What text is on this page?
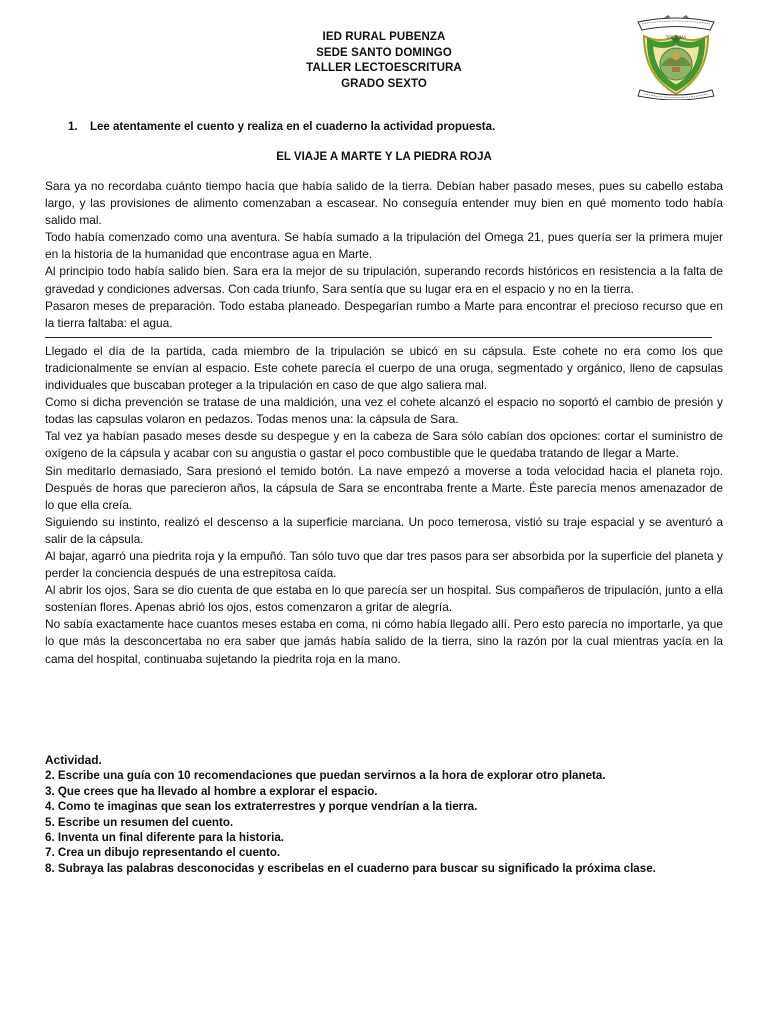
IED RURAL PUBENZA
SEDE SANTO DOMINGO
TALLER LECTOESCRITURA
GRADO SEXTO
TOCAIMA
1. Lee atentamente el cuento y realiza en el cuaderno la actividad propuesta.
EL VIAJE A MARTE Y LA PIEDRA ROJA

Sara ya no recordaba cuánto tiempo hacía que había salido de la tierra. Debían haber pasado meses, pues su cabello estaba largo, y las provisiones de alimento comenzaban a escasear. No conseguía entender muy bien en qué momento todo había salido mal.

Todo había comenzado como una aventura. Se había sumado a la tripulación del Omega 21, pues quería ser la primera mujer en la historia de la humanidad que encontrase agua en Marte.

Al principio todo había salido bien. Sara era la mejor de su tripulación, superando records históricos en resistencia a la falta de gravedad y condiciones adversas. Con cada triunfo, Sara sentía que su lugar era en el espacio y no en la tierra.

Pasaron meses de preparación. Todo estaba planeado. Despegarían rumbo a Marte para encontrar el precioso recurso que en la tierra faltaba: el agua.

Llegado el día de la partida, cada miembro de la tripulación se ubicó en su cápsula. Este cohete no era como los que tradicionalmente se envían al espacio. Este cohete parecía el cuerpo de una oruga, segmentado y orgánico, lleno de capsulas individuales que buscaban proteger a la tripulación en caso de que algo saliera mal.

Como si dicha prevención se tratase de una maldición, una vez el cohete alcanzó el espacio no soportó el cambio de presión y todas las capsulas volaron en pedazos. Todas menos una: la cápsula de Sara.

Tal vez ya habían pasado meses desde su despegue y en la cabeza de Sara sólo cabían dos opciones: cortar el suministro de oxígeno de la cápsula y acabar con su angustia o gastar el poco combustible que le quedaba tratando de llegar a Marte.

Sin meditarlo demasiado, Sara presionó el temido botón. La nave empezó a moverse a toda velocidad hacia el planeta rojo. Después de horas que parecieron años, la cápsula de Sara se encontraba frente a Marte. Éste parecía menos amenazador de lo que ella creía.

Siguiendo su instinto, realizó el descenso a la superficie marciana. Un poco temerosa, vistió su traje espacial y se aventuró a salir de la cápsula.

Al bajar, agarró una piedrita roja y la empuñó. Tan sólo tuvo que dar tres pasos para ser absorbida por la superficie del planeta y perder la conciencia después de una estrepitosa caída.

Al abrir los ojos, Sara se dio cuenta de que estaba en lo que parecía ser un hospital. Sus compañeros de tripulación, junto a ella sostenían flores. Apenas abrió los ojos, estos comenzaron a gritar de alegría.

No sabía exactamente hace cuantos meses estaba en coma, ni cómo había llegado allí. Pero esto parecía no importarle, ya que lo que más la desconcertaba no era saber que jamás había salido de la tierra, sino la razón por la cual mientras yacía en la cama del hospital, continuaba sujetando la piedrita roja en la mano.

Actividad.
2. Escribe una guía con 10 recomendaciones que puedan servirnos a la hora de explorar otro planeta.
3. Que crees que ha llevado al hombre a explorar el espacio.
4. Como te imaginas que sean los extraterrestres y porque vendrían a la tierra.
5. Escribe un resumen del cuento.
6. Inventa un final diferente para la historia.
7. Crea un dibujo representando el cuento.
8. Subraya las palabras desconocidas y escribelas en el cuaderno para buscar su significado la próxima clase.
